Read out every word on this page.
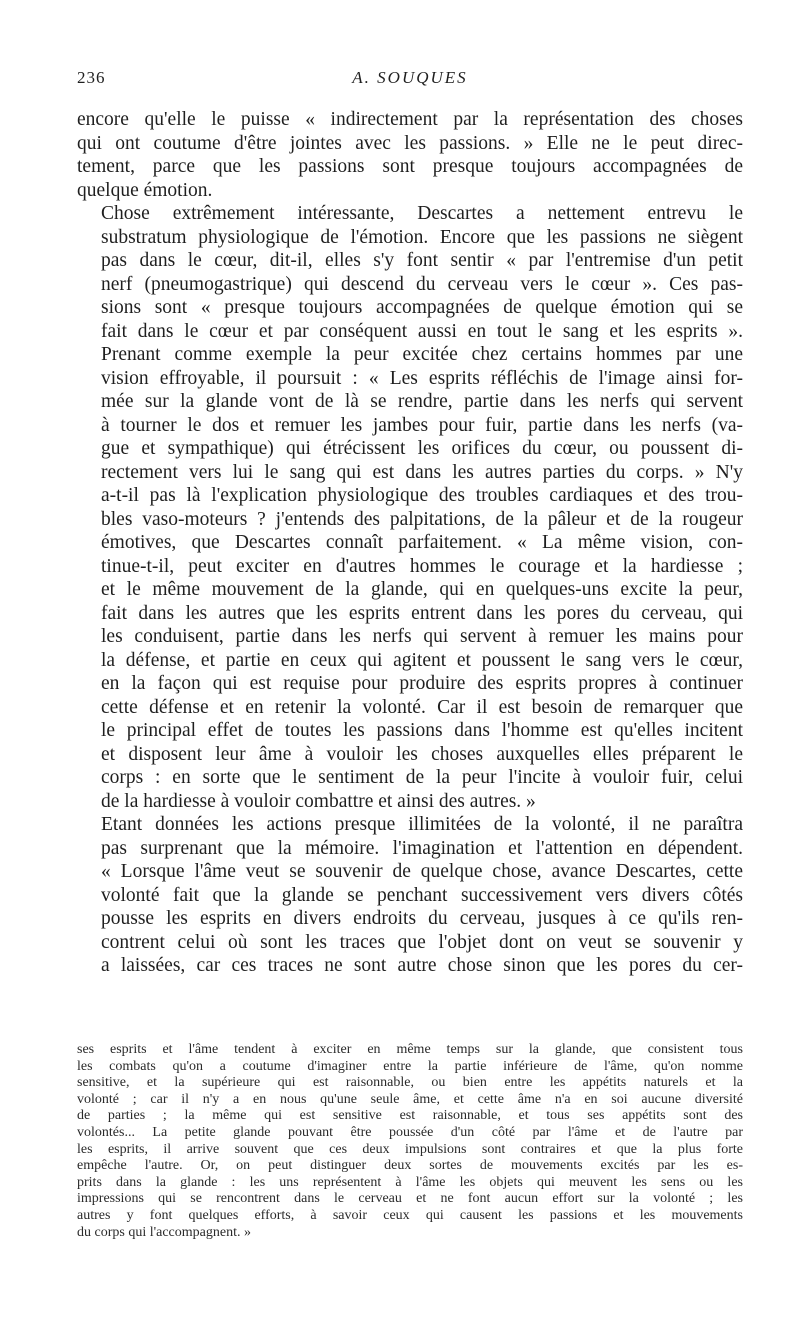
236	A. SOUQUES

encore qu'elle le puisse « indirectement par la représentation des choses
qui ont coutume d'être jointes avec les passions. » Elle ne le peut direc-
tement, parce que les passions sont presque toujours accompagnées de
quelque émotion.

Chose extrêmement intéressante, Descartes a nettement entrevu le
substratum physiologique de l'émotion. Encore que les passions ne siègent
pas dans le cœur, dit-il, elles s'y font sentir « par l'entremise d'un petit
nerf (pneumogastrique) qui descend du cerveau vers le cœur ». Ces pas-
sions sont « presque toujours accompagnées de quelque émotion qui se
fait dans le cœur et par conséquent aussi en tout le sang et les esprits ».
Prenant comme exemple la peur excitée chez certains hommes par une
vision effroyable, il poursuit : « Les esprits réfléchis de l'image ainsi for-
mée sur la glande vont de là se rendre, partie dans les nerfs qui servent
à tourner le dos et remuer les jambes pour fuir, partie dans les nerfs (va-
gue et sympathique) qui étrécissent les orifices du cœur, ou poussent di-
rectement vers lui le sang qui est dans les autres parties du corps. » N'y
a-t-il pas là l'explication physiologique des troubles cardiaques et des trou-
bles vaso-moteurs ? j'entends des palpitations, de la pâleur et de la rougeur
émotives, que Descartes connaît parfaitement. « La même vision, con-
tinue-t-il, peut exciter en d'autres hommes le courage et la hardiesse ;
et le même mouvement de la glande, qui en quelques-uns excite la peur,
fait dans les autres que les esprits entrent dans les pores du cerveau, qui
les conduisent, partie dans les nerfs qui servent à remuer les mains pour
la défense, et partie en ceux qui agitent et poussent le sang vers le cœur,
en la façon qui est requise pour produire des esprits propres à continuer
cette défense et en retenir la volonté. Car il est besoin de remarquer que
le principal effet de toutes les passions dans l'homme est qu'elles incitent
et disposent leur âme à vouloir les choses auxquelles elles préparent le
corps : en sorte que le sentiment de la peur l'incite à vouloir fuir, celui
de la hardiesse à vouloir combattre et ainsi des autres. »

Etant données les actions presque illimitées de la volonté, il ne paraîtra
pas surprenant que la mémoire. l'imagination et l'attention en dépendent.
« Lorsque l'âme veut se souvenir de quelque chose, avance Descartes, cette
volonté fait que la glande se penchant successivement vers divers côtés
pousse les esprits en divers endroits du cerveau, jusques à ce qu'ils ren-
contrent celui où sont les traces que l'objet dont on veut se souvenir y
a laissées, car ces traces ne sont autre chose sinon que les pores du cer-

ses esprits et l'âme tendent à exciter en même temps sur la glande, que consistent tous
les combats qu'on a coutume d'imaginer entre la partie inférieure de l'âme, qu'on nomme
sensitive, et la supérieure qui est raisonnable, ou bien entre les appétits naturels et la
volonté ; car il n'y a en nous qu'une seule âme, et cette âme n'a en soi aucune diversité
de parties ; la même qui est sensitive est raisonnable, et tous ses appétits sont des
volontés... La petite glande pouvant être poussée d'un côté par l'âme et de l'autre par
les esprits, il arrive souvent que ces deux impulsions sont contraires et que la plus forte
empêche l'autre. Or, on peut distinguer deux sortes de mouvements excités par les es-
prits dans la glande : les uns représentent à l'âme les objets qui meuvent les sens ou les
impressions qui se rencontrent dans le cerveau et ne font aucun effort sur la volonté ; les
autres y font quelques efforts, à savoir ceux qui causent les passions et les mouvements
du corps qui l'accompagnent. »
